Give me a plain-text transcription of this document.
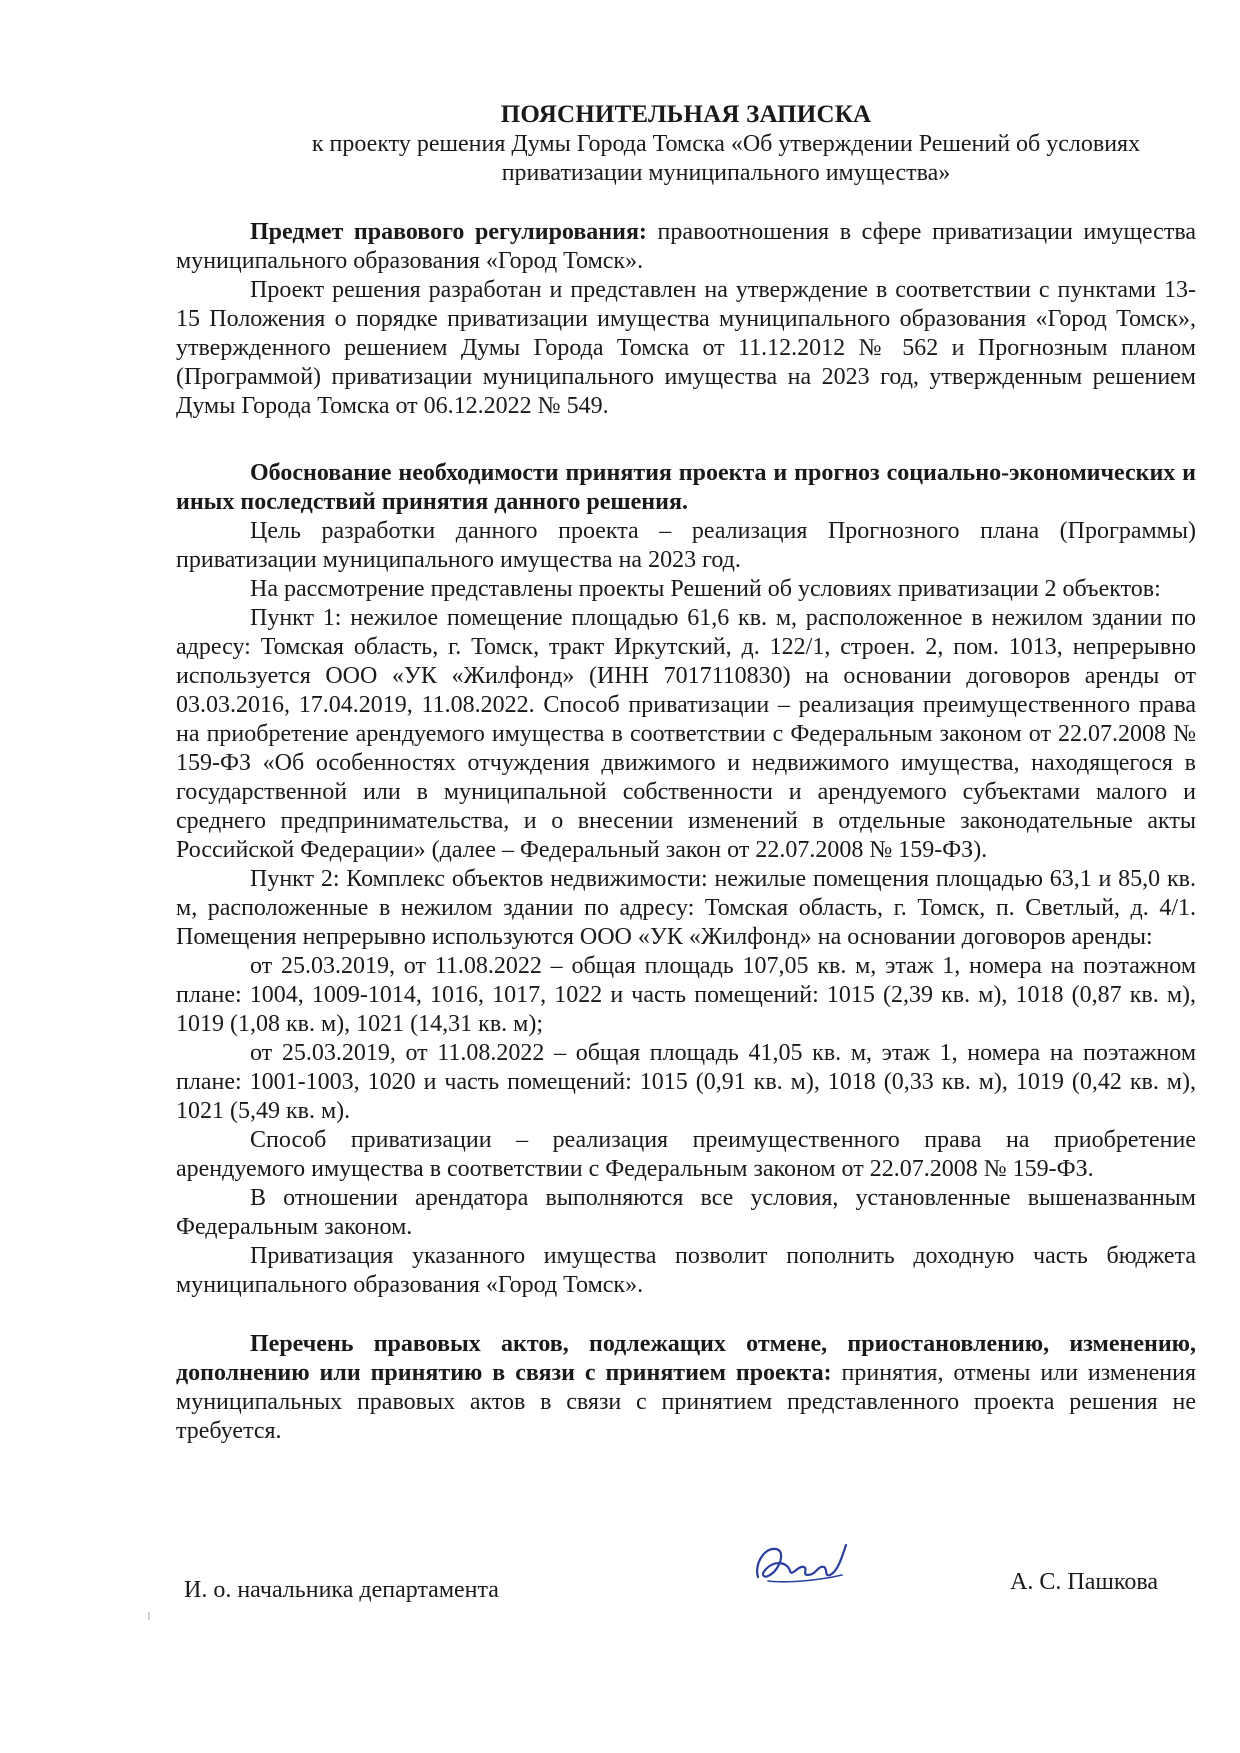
ПОЯСНИТЕЛЬНАЯ ЗАПИСКА
к проекту решения Думы Города Томска «Об утверждении Решений об условиях
приватизации муниципального имущества»

Предмет правового регулирования: правоотношения в сфере приватизации имущества муниципального образования «Город Томск».

Проект решения разработан и представлен на утверждение в соответствии с пунктами 13-15 Положения о порядке приватизации имущества муниципального образования «Город Томск», утвержденного решением Думы Города Томска от 11.12.2012 № 562 и Прогнозным планом (Программой) приватизации муниципального имущества на 2023 год, утвержденным решением Думы Города Томска от 06.12.2022 № 549.

Обоснование необходимости принятия проекта и прогноз социально-экономических и иных последствий принятия данного решения.

Цель разработки данного проекта – реализация Прогнозного плана (Программы) приватизации муниципального имущества на 2023 год.

На рассмотрение представлены проекты Решений об условиях приватизации 2 объектов:

Пункт 1: нежилое помещение площадью 61,6 кв. м, расположенное в нежилом здании по адресу: Томская область, г. Томск, тракт Иркутский, д. 122/1, строен. 2, пом. 1013, непрерывно используется ООО «УК «Жилфонд» (ИНН 7017110830) на основании договоров аренды от 03.03.2016, 17.04.2019, 11.08.2022. Способ приватизации – реализация преимущественного права на приобретение арендуемого имущества в соответствии с Федеральным законом от 22.07.2008 № 159-ФЗ «Об особенностях отчуждения движимого и недвижимого имущества, находящегося в государственной или в муниципальной собственности и арендуемого субъектами малого и среднего предпринимательства, и о внесении изменений в отдельные законодательные акты Российской Федерации» (далее – Федеральный закон от 22.07.2008 № 159-ФЗ).

Пункт 2: Комплекс объектов недвижимости: нежилые помещения площадью 63,1 и 85,0 кв. м, расположенные в нежилом здании по адресу: Томская область, г. Томск, п. Светлый, д. 4/1. Помещения непрерывно используются ООО «УК «Жилфонд» на основании договоров аренды:

от 25.03.2019, от 11.08.2022 – общая площадь 107,05 кв. м, этаж 1, номера на поэтажном плане: 1004, 1009-1014, 1016, 1017, 1022 и часть помещений: 1015 (2,39 кв. м), 1018 (0,87 кв. м), 1019 (1,08 кв. м), 1021 (14,31 кв. м);

от 25.03.2019, от 11.08.2022 – общая площадь 41,05 кв. м, этаж 1, номера на поэтажном плане: 1001-1003, 1020 и часть помещений: 1015 (0,91 кв. м), 1018 (0,33 кв. м), 1019 (0,42 кв. м), 1021 (5,49 кв. м).

Способ приватизации – реализация преимущественного права на приобретение арендуемого имущества в соответствии с Федеральным законом от 22.07.2008 № 159-ФЗ.

В отношении арендатора выполняются все условия, установленные вышеназванным Федеральным законом.

Приватизация указанного имущества позволит пополнить доходную часть бюджета муниципального образования «Город Томск».

Перечень правовых актов, подлежащих отмене, приостановлению, изменению, дополнению или принятию в связи с принятием проекта: принятия, отмены или изменения муниципальных правовых актов в связи с принятием представленного проекта решения не требуется.

И. о. начальника департамента	А. С. Пашкова
